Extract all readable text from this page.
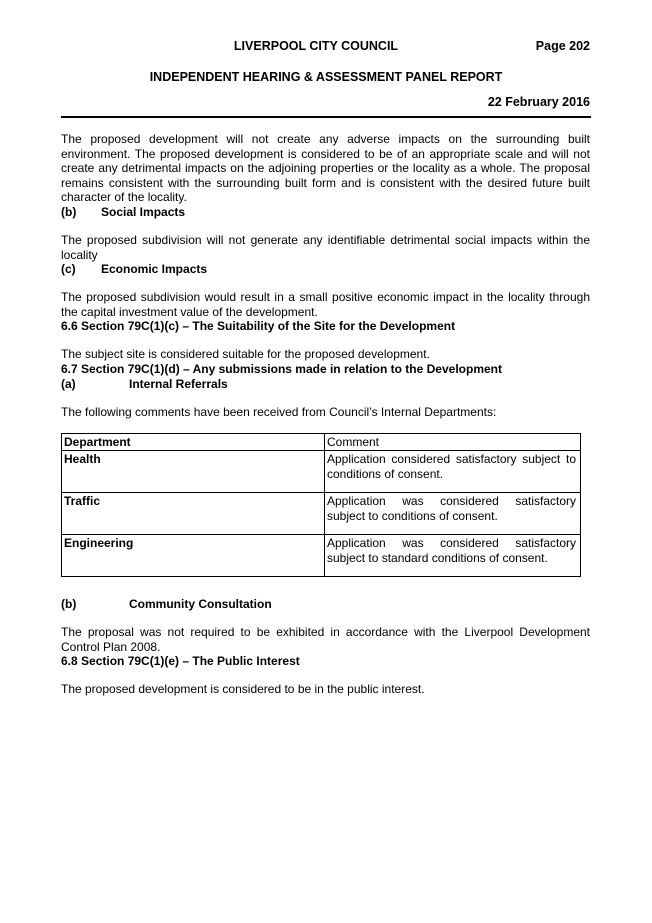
LIVERPOOL CITY COUNCIL	Page 202
INDEPENDENT HEARING & ASSESSMENT PANEL REPORT
22 February 2016

The proposed development will not create any adverse impacts on the surrounding built environment. The proposed development is considered to be of an appropriate scale and will not create any detrimental impacts on the adjoining properties or the locality as a whole. The proposal remains consistent with the surrounding built form and is consistent with the desired future built character of the locality.

(b) Social Impacts

The proposed subdivision will not generate any identifiable detrimental social impacts within the locality

(c) Economic Impacts

The proposed subdivision would result in a small positive economic impact in the locality through the capital investment value of the development.

6.6 Section 79C(1)(c) – The Suitability of the Site for the Development

The subject site is considered suitable for the proposed development.

6.7 Section 79C(1)(d) – Any submissions made in relation to the Development
(a)	Internal Referrals

The following comments have been received from Council’s Internal Departments:

Department	Comment
Health	Application considered satisfactory subject to conditions of consent.
Traffic	Application was considered satisfactory subject to conditions of consent.
Engineering	Application was considered satisfactory subject to standard conditions of consent.
(b)	Community Consultation

The proposal was not required to be exhibited in accordance with the Liverpool Development Control Plan 2008.

6.8 Section 79C(1)(e) – The Public Interest

The proposed development is considered to be in the public interest.
